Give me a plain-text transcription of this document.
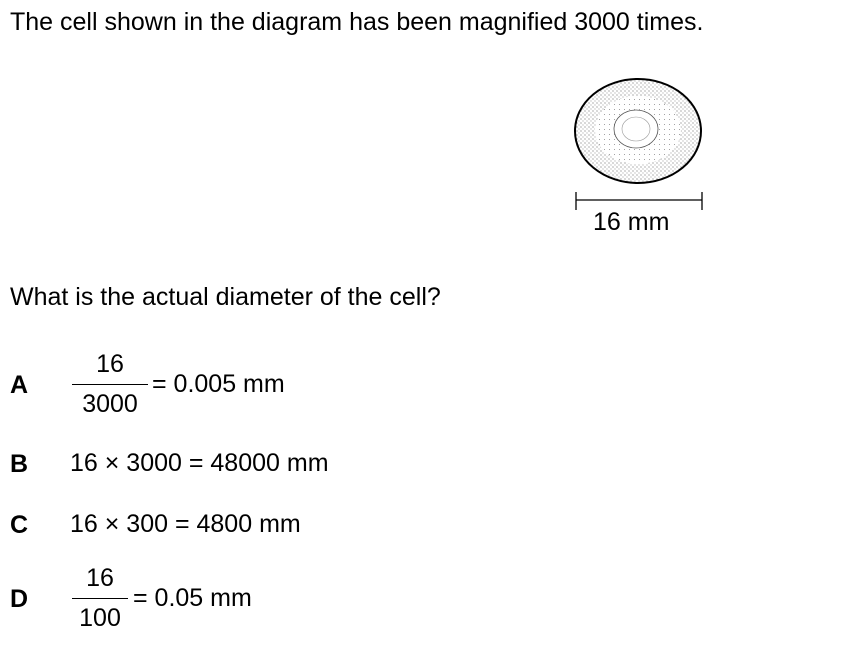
The cell shown in the diagram has been magnified 3000 times.
16 mm
What is the actual diameter of the cell?
A
16
3000
= 0.005 mm
B 16 × 3000 = 48000 mm
C 16 × 300 = 4800 mm
D
16
100
= 0.05 mm
